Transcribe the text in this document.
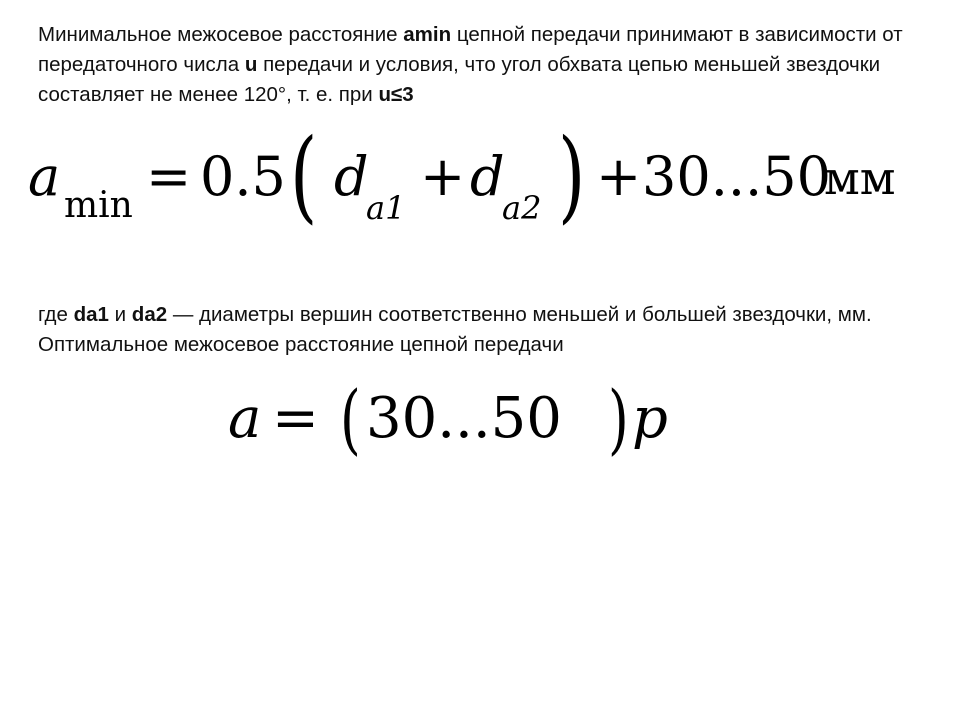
Минимальное межосевое расстояние amin цепной передачи принимают в зависимости от передаточного числа u передачи и условия, что угол обхвата цепью меньшей звездочки составляет не менее 120°, т. е. при u≤3
a min = 0.5 ( d
a1 + d
a2 ) + 30...50
мм
где da1 и da2 — диаметры вершин соответственно меньшей и большей звездочки, мм. Оптимальное межосевое расстояние цепной передачи
a = ( 30...50 ) p
